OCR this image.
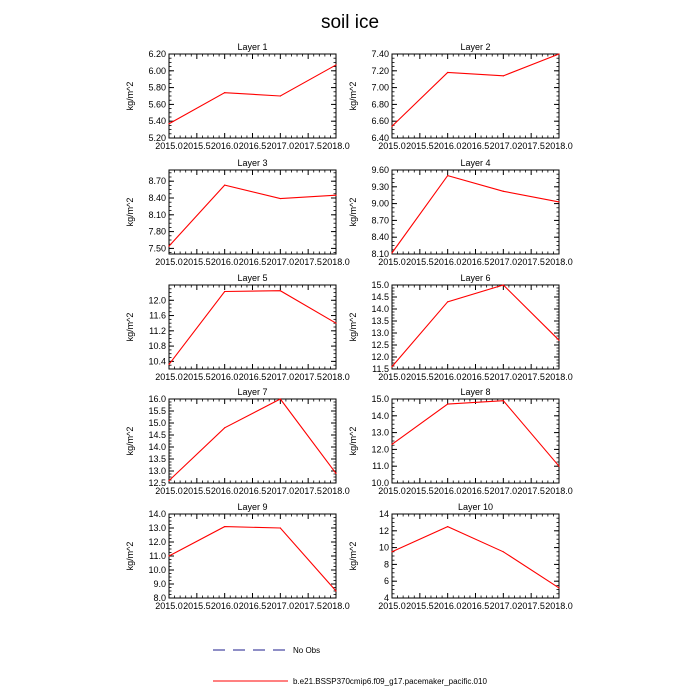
soil ice
Layer 1
2015.0 2015.5 2016.0 2016.5 2017.0 2017.5 2018.0
5.20
5.40
5.60
5.80
6.00
6.20
kg/m^2
Layer 2
2015.0 2015.5 2016.0 2016.5 2017.0 2017.5 2018.0
6.40
6.60
6.80
7.00
7.20
7.40
kg/m^2
Layer 3
2015.0 2015.5 2016.0 2016.5 2017.0 2017.5 2018.0
7.50
7.80
8.10
8.40
8.70
kg/m^2
Layer 4
2015.0 2015.5 2016.0 2016.5 2017.0 2017.5 2018.0
8.10
8.40
8.70
9.00
9.30
9.60
kg/m^2
Layer 5
2015.0 2015.5 2016.0 2016.5 2017.0 2017.5 2018.0
10.4
10.8
11.2
11.6
12.0
kg/m^2
Layer 6
2015.0 2015.5 2016.0 2016.5 2017.0 2017.5 2018.0
11.5
12.0
12.5
13.0
13.5
14.0
14.5
15.0
kg/m^2
Layer 7
2015.0 2015.5 2016.0 2016.5 2017.0 2017.5 2018.0
12.5
13.0
13.5
14.0
14.5
15.0
15.5
16.0
kg/m^2
Layer 8
2015.0 2015.5 2016.0 2016.5 2017.0 2017.5 2018.0
10.0
11.0
12.0
13.0
14.0
15.0
kg/m^2
Layer 9
2015.0 2015.5 2016.0 2016.5 2017.0 2017.5 2018.0
8.0
9.0
10.0
11.0
12.0
13.0
14.0
kg/m^2
Layer 10
2015.0 2015.5 2016.0 2016.5 2017.0 2017.5 2018.0
4
6
8
10
12
14
kg/m^2
No Obs
b.e21.BSSP370cmip6.f09_g17.pacemaker_pacific.010
